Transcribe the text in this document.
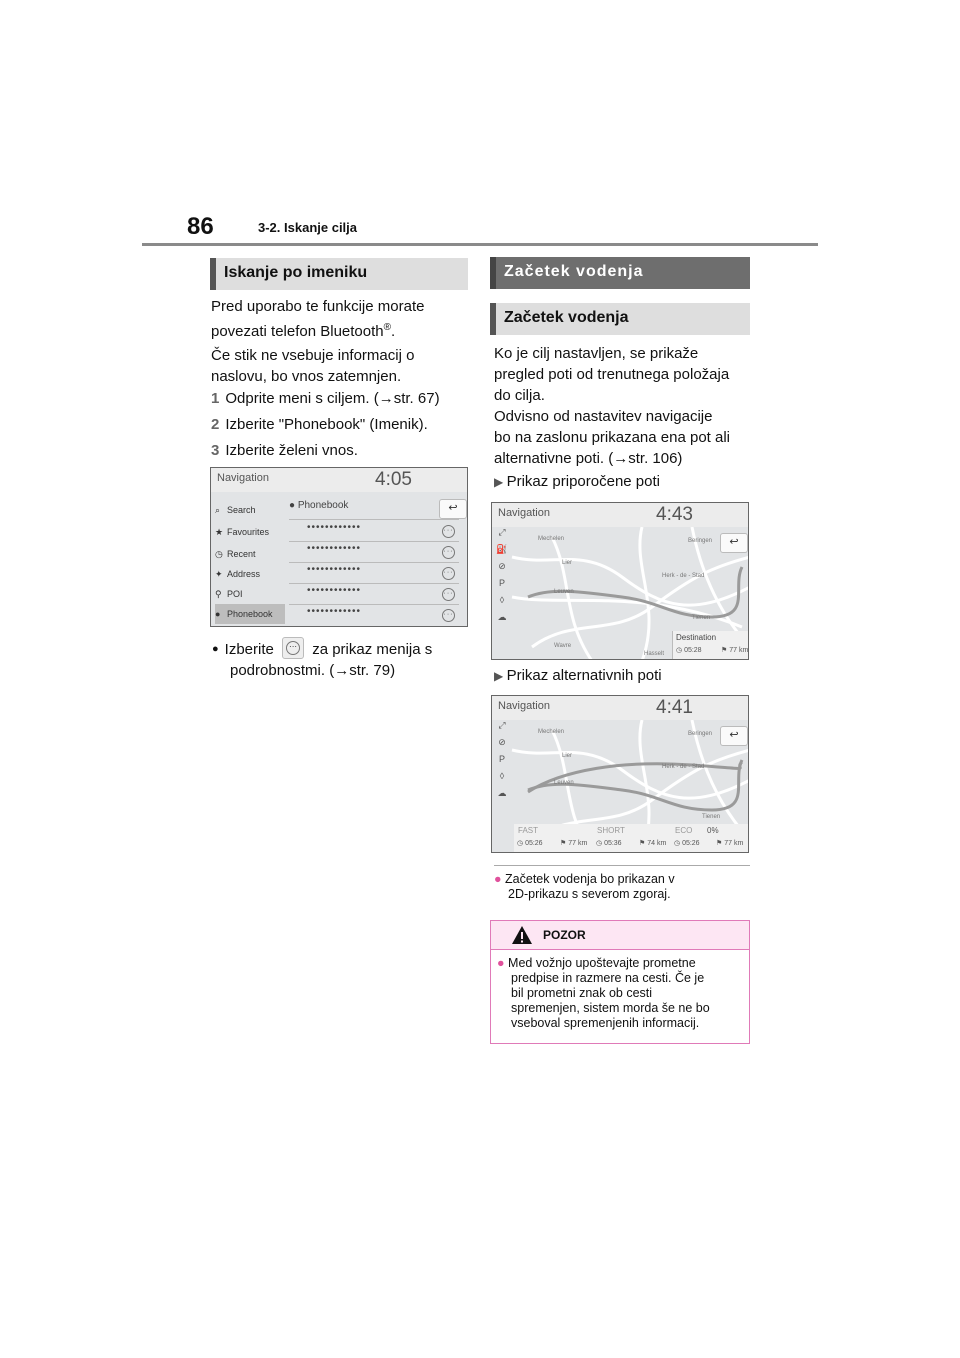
86	3-2. Iskanje cilja
Iskanje po imeniku
Pred uporabo te funkcije morate
povezati telefon Bluetooth®.
Če stik ne vsebuje informacij o
naslovu, bo vnos zatemnjen.
1 Odprite meni s ciljem. (→str. 67)
2 Izberite "Phonebook" (Imenik).
3 Izberite želeni vnos.
Navigation	4:05
⌕ Search
★ Favourites
◷ Recent
✦ Address
⚲ POI
● Phonebook
● Phonebook	↩
••••••••••••	···
••••••••••••	···
••••••••••••	···
••••••••••••	···
••••••••••••	···
● Izberite	··· za prikaz menija s
podrobnostmi. (→str. 79)
Začetek vodenja
Začetek vodenja
Ko je cilj nastavljen, se prikaže
pregled poti od trenutnega položaja
do cilja.
Odvisno od nastavitev navigacije
bo na zaslonu prikazana ena pot ali
alternativne poti. (→str. 106)
▶ Prikaz priporočene poti
Navigation	4:43
⤢
⛽
⊘
P
◊
☁
↩
Mechelen
Lier
Leuven
Herk - de - Stad
Beringen
Tienen
Hasselt
Wavre
Destination
◷ 05:28	⚑ 77 km
▶ Prikaz alternativnih poti
Navigation	4:41
⤢
⊘
P
◊
☁
↩
Mechelen
Lier
Leuven
Herk - de - Stad
Beringen
Tienen
FAST
◷ 05:26 ⚑ 77 km
SHORT
◷ 05:36 ⚑ 74 km
ECO 0%
◷ 05:26 ⚑ 77 km
● Začetek vodenja bo prikazan v
2D-prikazu s severom zgoraj.
POZOR
● Med vožnjo upoštevajte prometne
predpise in razmere na cesti. Če je
bil prometni znak ob cesti
spremenjen, sistem morda še ne bo
vseboval spremenjenih informacij.
